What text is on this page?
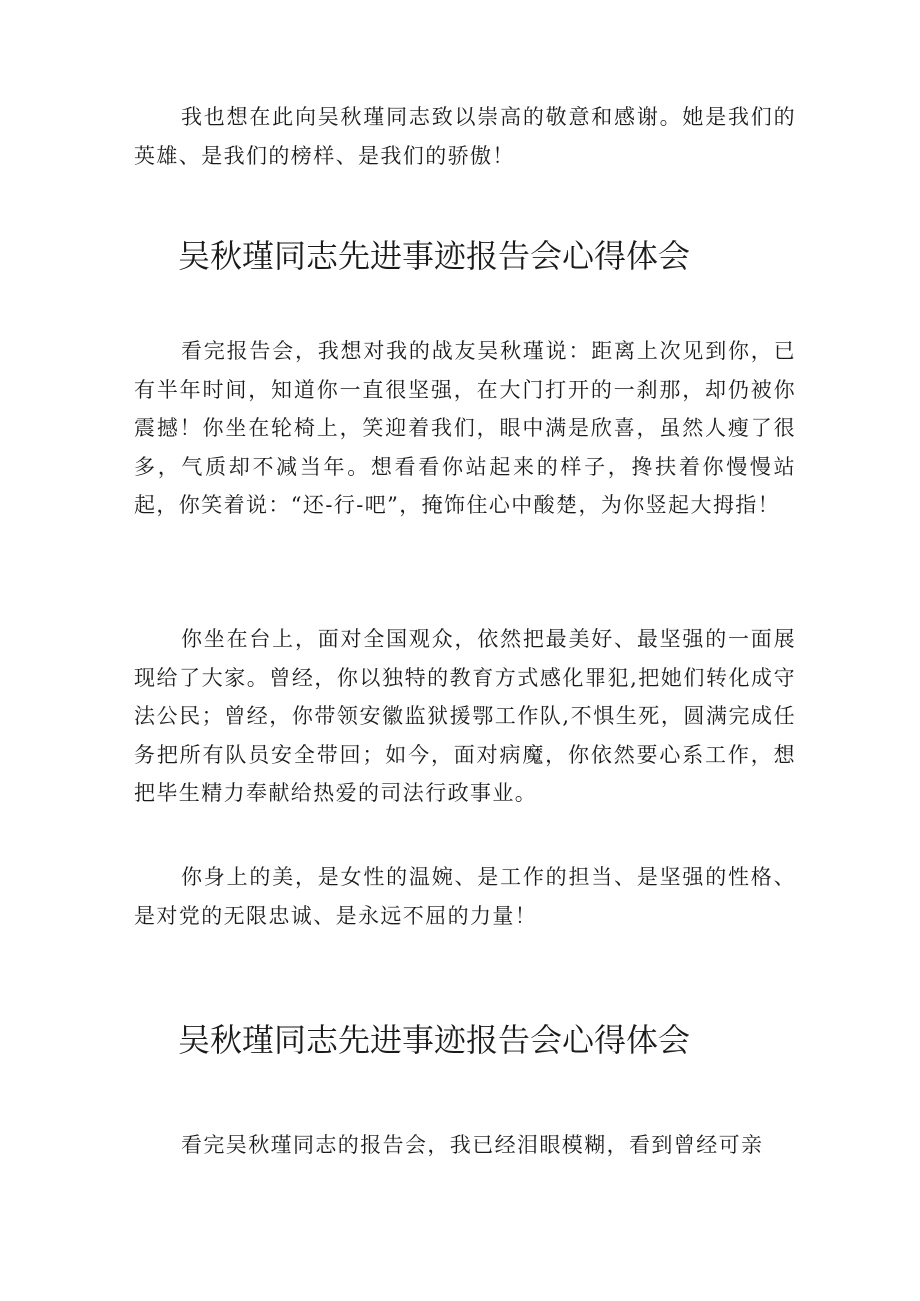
我也想在此向吴秋瑾同志致以崇高的敬意和感谢。她是我们的英雄、是我们的榜样、是我们的骄傲！

吴秋瑾同志先进事迹报告会心得体会

看完报告会，我想对我的战友吴秋瑾说：距离上次见到你，已有半年时间，知道你一直很坚强，在大门打开的一刹那，却仍被你震撼！你坐在轮椅上，笑迎着我们，眼中满是欣喜，虽然人瘦了很多，气质却不减当年。想看看你站起来的样子，搀扶着你慢慢站起，你笑着说：“还-行-吧”，掩饰住心中酸楚，为你竖起大拇指！

你坐在台上，面对全国观众，依然把最美好、最坚强的一面展现给了大家。曾经，你以独特的教育方式感化罪犯,把她们转化成守法公民；曾经，你带领安徽监狱援鄂工作队,不惧生死，圆满完成任务把所有队员安全带回；如今，面对病魔，你依然要心系工作，想把毕生精力奉献给热爱的司法行政事业。

你身上的美，是女性的温婉、是工作的担当、是坚强的性格、是对党的无限忠诚、是永远不屈的力量！

吴秋瑾同志先进事迹报告会心得体会

看完吴秋瑾同志的报告会，我已经泪眼模糊，看到曾经可亲
